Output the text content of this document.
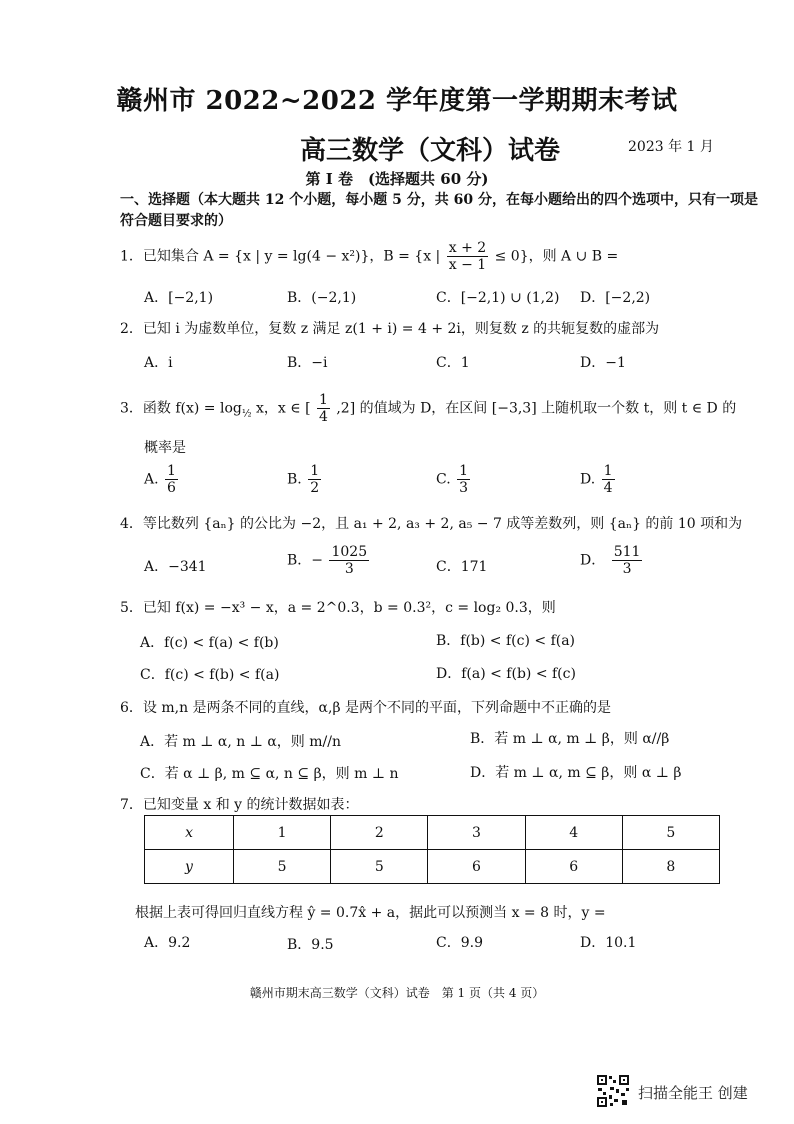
赣州市 2022~2022 学年度第一学期期末考试
高三数学（文科）试卷	2023 年 1 月
第 I 卷　(选择题共 60 分)
一、选择题（本大题共 12 个小题，每小题 5 分，共 60 分，在每小题给出的四个选项中，只有一项是符合题目要求的）
1．已知集合 A = {x | y = lg(4 − x²)}，B = {x | $\frac{x + 2}{x - 1} \le 0$}，则 A ∪ B =
A．[−2,1)	B．(−2,1)	C．[−2,1) ∪ (1,2) D．[−2,2)
2．已知 i 为虚数单位，复数 z 满足 z(1 + i) = 4 + 2i，则复数 z 的共轭复数的虚部为
A．i	B．−i	C．1	D．−1
3．函数 $f(x) = \log_{\frac{1}{2}} x$，x ∈ [ $\frac{1}{4} ,2$] 的值域为 D，在区间 [−3,3] 上随机取一个数 t，则 t ∈ D 的
概率是
A. $\frac{1}{6}$	B. $\frac{1}{2}$	C. $\frac{1}{3}$	D. $\frac{1}{4}$
4．等比数列 {aₙ} 的公比为 −2，且 a₁ + 2, a₃ + 2, a₅ − 7 成等差数列，则 {aₙ} 的前 10 项和为
A．−341	B．− $\frac{1025}{3}$	C．171	D． $\frac{511}{3}$
5．已知 f(x) = −x³ − x，a = 2^0.3，b = 0.3²，c = log₂ 0.3，则
A．f(c) < f(a) < f(b)	B．f(b) < f(c) < f(a)
C．f(c) < f(b) < f(a)	D．f(a) < f(b) < f(c)
6．设 m,n 是两条不同的直线，α,β 是两个不同的平面，下列命题中不正确的是
A．若 m ⊥ α, n ⊥ α，则 m//n	B．若 m ⊥ α, m ⊥ β，则 α//β
C．若 α ⊥ β, m ⊆ α, n ⊆ β，则 m ⊥ n	D．若 m ⊥ α, m ⊆ β，则 α ⊥ β
7．已知变量 x 和 y 的统计数据如表：
x	1	2	3	4	5
y	5	5	6	6	8
根据上表可得回归直线方程 ŷ = 0.7x̂ + a，据此可以预测当 x = 8 时，y =
A．9.2	B．9.5	C．9.9	D．10.1
赣州市期末高三数学（文科）试卷　第 1 页（共 4 页）
扫描全能王 创建
